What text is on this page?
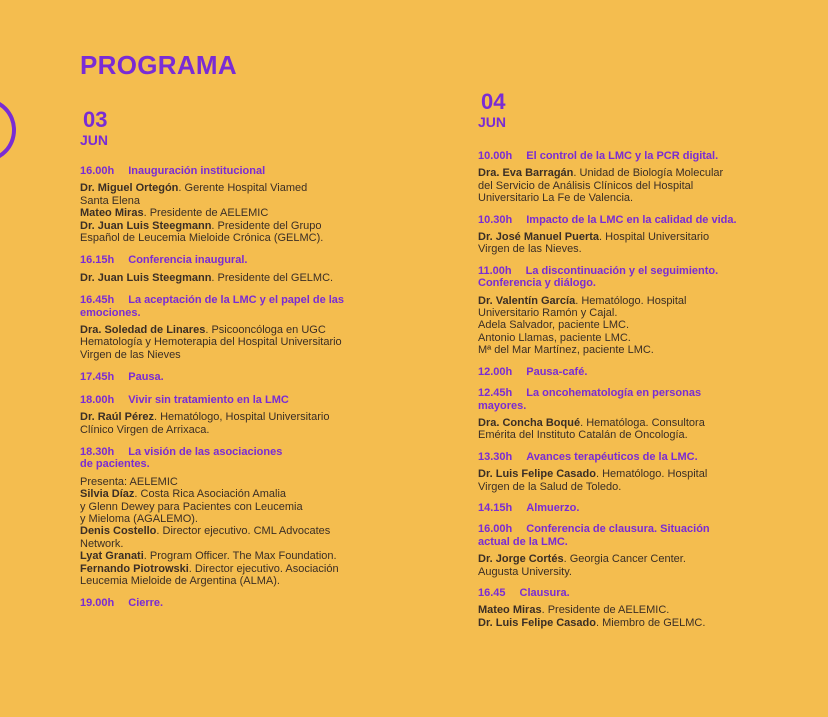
PROGRAMA
03
JUN
16.00h Inauguración institucional
Dr. Miguel Ortegón. Gerente Hospital Viamed
Santa Elena
Mateo Miras. Presidente de AELEMIC
Dr. Juan Luis Steegmann. Presidente del Grupo
Español de Leucemia Mieloide Crónica (GELMC).
16.15h Conferencia inaugural.
Dr. Juan Luis Steegmann. Presidente del GELMC.
16.45h La aceptación de la LMC y el papel de las
emociones.
Dra. Soledad de Linares. Psicooncóloga en UGC
Hematología y Hemoterapia del Hospital Universitario
Virgen de las Nieves
17.45h Pausa.
18.00h Vivir sin tratamiento en la LMC
Dr. Raúl Pérez. Hematólogo, Hospital Universitario
Clínico Virgen de Arrixaca.
18.30h La visión de las asociaciones
de pacientes.
Presenta: AELEMIC
Silvia Díaz. Costa Rica Asociación Amalia
y Glenn Dewey para Pacientes con Leucemia
y Mieloma (AGALEMO).
Denis Costello. Director ejecutivo. CML Advocates
Network.
Lyat Granati. Program Officer. The Max Foundation.
Fernando Piotrowski. Director ejecutivo. Asociación
Leucemia Mieloide de Argentina (ALMA).
19.00h Cierre.
04
JUN
10.00h El control de la LMC y la PCR digital.
Dra. Eva Barragán. Unidad de Biología Molecular
del Servicio de Análisis Clínicos del Hospital
Universitario La Fe de Valencia.
10.30h Impacto de la LMC en la calidad de vida.
Dr. José Manuel Puerta. Hospital Universitario
Virgen de las Nieves.
11.00h La discontinuación y el seguimiento.
Conferencia y diálogo.
Dr. Valentín García. Hematólogo. Hospital
Universitario Ramón y Cajal.
Adela Salvador, paciente LMC.
Antonio Llamas, paciente LMC.
Mª del Mar Martínez, paciente LMC.
12.00h Pausa-café.
12.45h La oncohematología en personas
mayores.
Dra. Concha Boqué. Hematóloga. Consultora
Emérita del Instituto Catalán de Oncología.
13.30h Avances terapéuticos de la LMC.
Dr. Luis Felipe Casado. Hematólogo. Hospital
Virgen de la Salud de Toledo.
14.15h Almuerzo.
16.00h Conferencia de clausura. Situación
actual de la LMC.
Dr. Jorge Cortés. Georgia Cancer Center.
Augusta University.
16.45 Clausura.
Mateo Miras. Presidente de AELEMIC.
Dr. Luis Felipe Casado. Miembro de GELMC.
